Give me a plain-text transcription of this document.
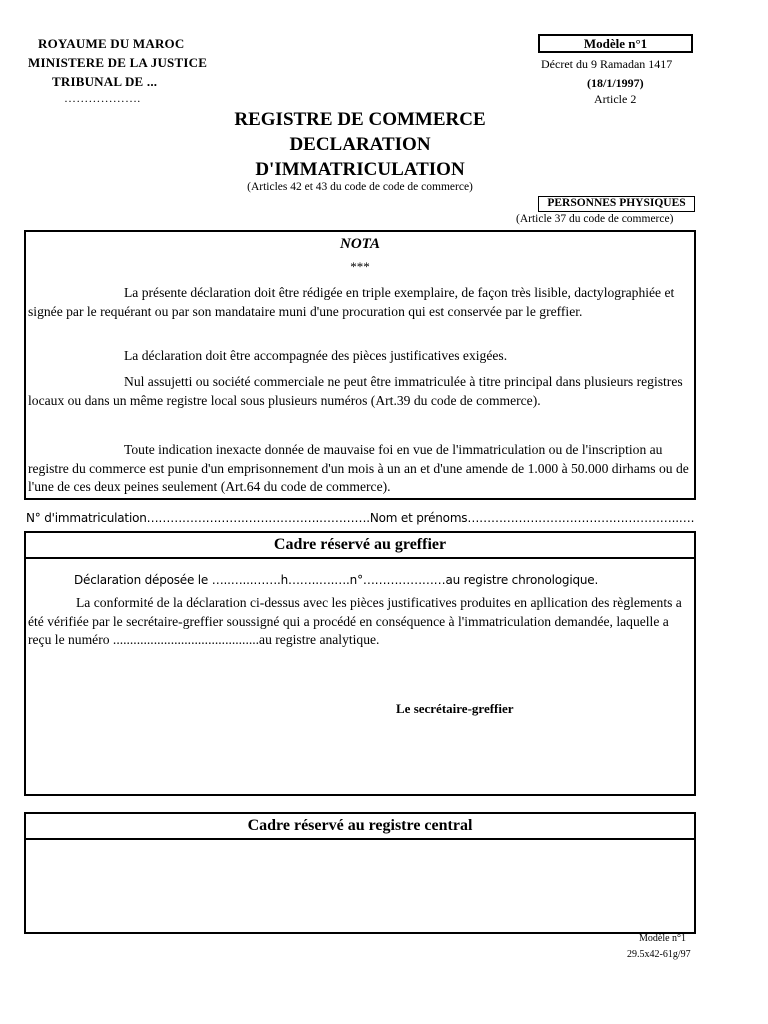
ROYAUME DU MAROC
MINISTERE DE LA JUSTICE
TRIBUNAL DE ...
……………….
Modèle n°1
Décret du 9 Ramadan 1417
(18/1/1997)
Article 2
REGISTRE DE COMMERCE
DECLARATION
D'IMMATRICULATION
(Articles 42 et 43 du code de code de commerce)
PERSONNES PHYSIQUES
(Article 37 du code de commerce)
NOTA
***
La présente déclaration doit être rédigée en triple exemplaire, de façon très lisible, dactylographiée et signée par le requérant ou par son mandataire muni d'une procuration qui est conservée par le greffier.
La déclaration doit être accompagnée des pièces justificatives exigées.
Nul assujetti ou société commerciale ne peut être immatriculée à titre principal dans plusieurs registres locaux ou dans un même registre local sous plusieurs numéros (Art.39 du code de commerce).
Toute indication inexacte donnée de mauvaise foi en vue de l'immatriculation ou de l'inscription au registre du commerce est punie d'un emprisonnement d'un mois à un an et d'une amende de 1.000 à 50.000 dirhams ou de l'une de ces deux peines seulement (Art.64 du code de commerce).
N° d'immatriculation…………………….……………….………….Nom et prénoms……………………………….……………..….
Cadre réservé au greffier
Déclaration déposée le …..…...…….h……..….….n°…………………au registre chronologique.
La conformité de la déclaration ci-dessus avec les pièces justificatives produites en apllication des règlements a été vérifiée par le secrétaire-greffier soussigné qui a procédé en conséquence à l'immatriculation demandée, laquelle a reçu le numéro ...........................................au registre analytique.
Le secrétaire-greffier
Cadre réservé au registre central
Modèle n°1
29.5x42-61g/97
